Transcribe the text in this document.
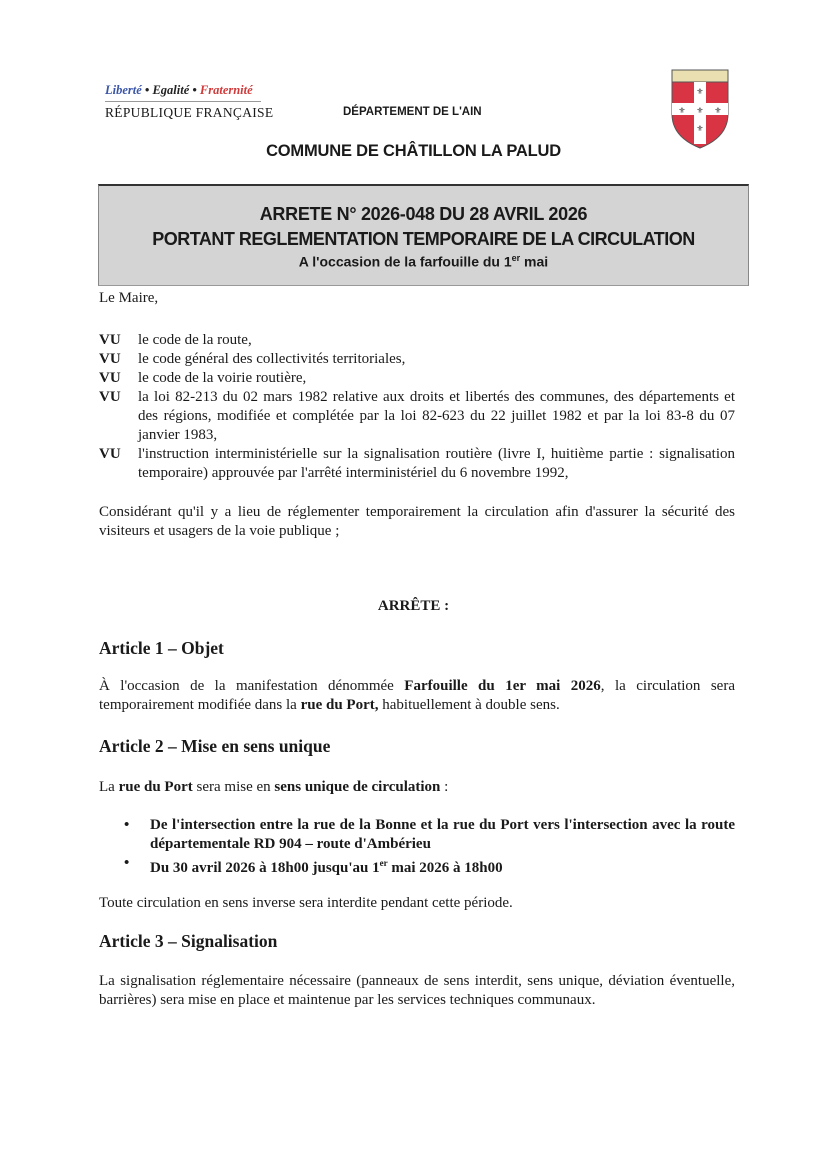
Liberté • Egalité • Fraternité
RÉPUBLIQUE FRANÇAISE	DÉPARTEMENT DE L'AIN
⚜
⚜
⚜	⚜
⚜
COMMUNE DE CHÂTILLON LA PALUD
ARRETE N° 2026-048 DU 28 AVRIL 2026
PORTANT REGLEMENTATION TEMPORAIRE DE LA CIRCULATION
A l'occasion de la farfouille du 1er mai
Le Maire,
VU	le code de la route,
VU	le code général des collectivités territoriales,
VU	le code de la voirie routière,
VU	la loi 82-213 du 02 mars 1982 relative aux droits et libertés des communes, des départements et des régions, modifiée et complétée par la loi 82-623 du 22 juillet 1982 et par la loi 83-8 du 07 janvier 1983,
VU	l'instruction interministérielle sur la signalisation routière (livre I, huitième partie : signalisation temporaire) approuvée par l'arrêté interministériel du 6 novembre 1992,
Considérant qu'il y a lieu de réglementer temporairement la circulation afin d'assurer la sécurité des visiteurs et usagers de la voie publique ;
ARRÊTE :
Article 1 – Objet
À l'occasion de la manifestation dénommée Farfouille du 1er mai 2026, la circulation sera temporairement modifiée dans la rue du Port, habituellement à double sens.
Article 2 – Mise en sens unique
La rue du Port sera mise en sens unique de circulation :
• De l'intersection entre la rue de la Bonne et la rue du Port vers l'intersection avec la route départementale RD 904 – route d'Ambérieu
• Du 30 avril 2026 à 18h00 jusqu'au 1er mai 2026 à 18h00
Toute circulation en sens inverse sera interdite pendant cette période.
Article 3 – Signalisation
La signalisation réglementaire nécessaire (panneaux de sens interdit, sens unique, déviation éventuelle, barrières) sera mise en place et maintenue par les services techniques communaux.
